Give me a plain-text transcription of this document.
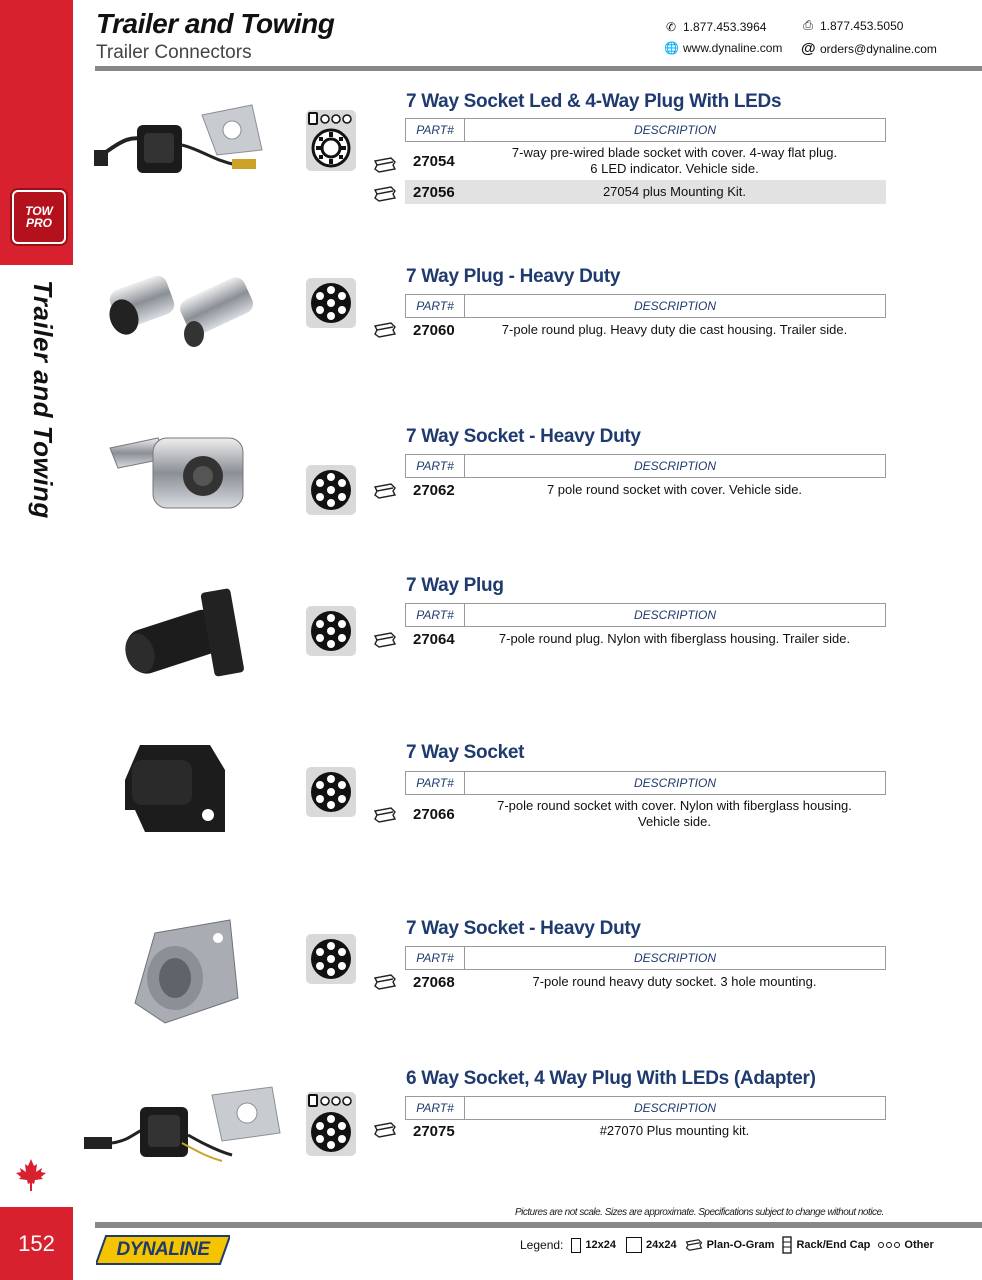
TOW PRO
Trailer and Towing
152
Trailer and Towing
Trailer Connectors
✆ 1.877.453.3964	⎙ 1.877.453.5050
🌐 www.dynaline.com @ orders@dynaline.com
7 Way Socket Led & 4-Way Plug With LEDs
PART#	DESCRIPTION
27054	7-way pre-wired blade socket with cover. 4-way flat plug.
6 LED indicator. Vehicle side.
27056	27054 plus Mounting Kit.
7 Way Plug - Heavy Duty
PART#	DESCRIPTION
27060	7-pole round plug. Heavy duty die cast housing. Trailer side.
7 Way Socket - Heavy Duty
PART#	DESCRIPTION
27062	7 pole round socket with cover. Vehicle side.
7 Way Plug
PART#	DESCRIPTION
27064	7-pole round plug. Nylon with fiberglass housing. Trailer side.
7 Way Socket
PART#	DESCRIPTION
27066	7-pole round socket with cover. Nylon with fiberglass housing.
Vehicle side.
7 Way Socket - Heavy Duty
PART#	DESCRIPTION
27068	7-pole round heavy duty socket. 3 hole mounting.
6 Way Socket, 4 Way Plug With LEDs (Adapter)
PART#	DESCRIPTION
27075	#27070 Plus mounting kit.
Pictures are not scale. Sizes are approximate. Specifications subject to change without notice.
DYNALINE	Legend: 12x24	24x24	Plan-O-Gram Rack/End Cap	Other
